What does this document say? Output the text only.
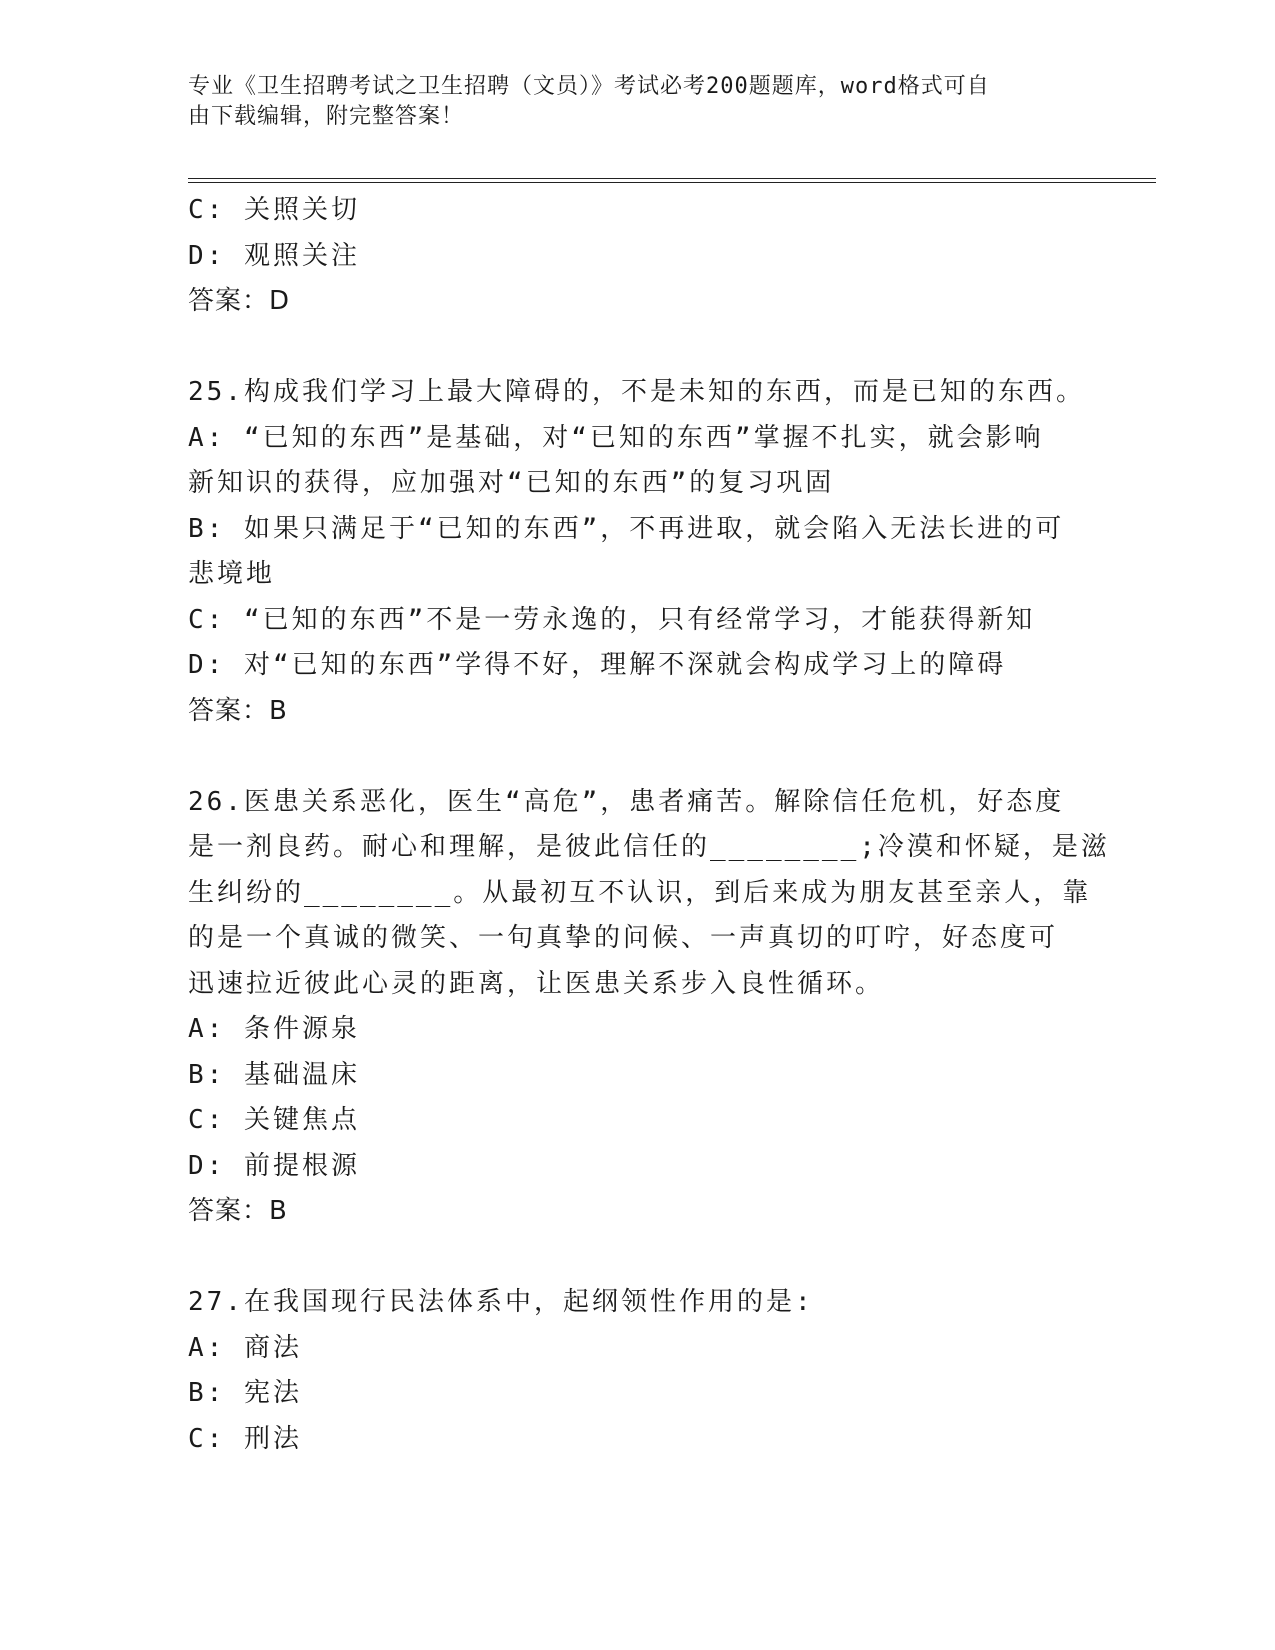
专业《卫生招聘考试之卫生招聘（文员）》考试必考200题题库，word格式可自
由下载编辑，附完整答案！
C: 关照关切
D: 观照关注
答案：D
25.构成我们学习上最大障碍的，不是未知的东西，而是已知的东西。
A: “已知的东西”是基础，对“已知的东西”掌握不扎实，就会影响
新知识的获得，应加强对“已知的东西”的复习巩固
B: 如果只满足于“已知的东西”，不再进取，就会陷入无法长进的可
悲境地
C: “已知的东西”不是一劳永逸的，只有经常学习，才能获得新知
D: 对“已知的东西”学得不好，理解不深就会构成学习上的障碍
答案：B
26.医患关系恶化，医生“高危”，患者痛苦。解除信任危机，好态度
是一剂良药。耐心和理解，是彼此信任的________;冷漠和怀疑，是滋
生纠纷的________。从最初互不认识，到后来成为朋友甚至亲人，靠
的是一个真诚的微笑、一句真挚的问候、一声真切的叮咛，好态度可
迅速拉近彼此心灵的距离，让医患关系步入良性循环。
A: 条件源泉
B: 基础温床
C: 关键焦点
D: 前提根源
答案：B
27.在我国现行民法体系中，起纲领性作用的是:
A: 商法
B: 宪法
C: 刑法
